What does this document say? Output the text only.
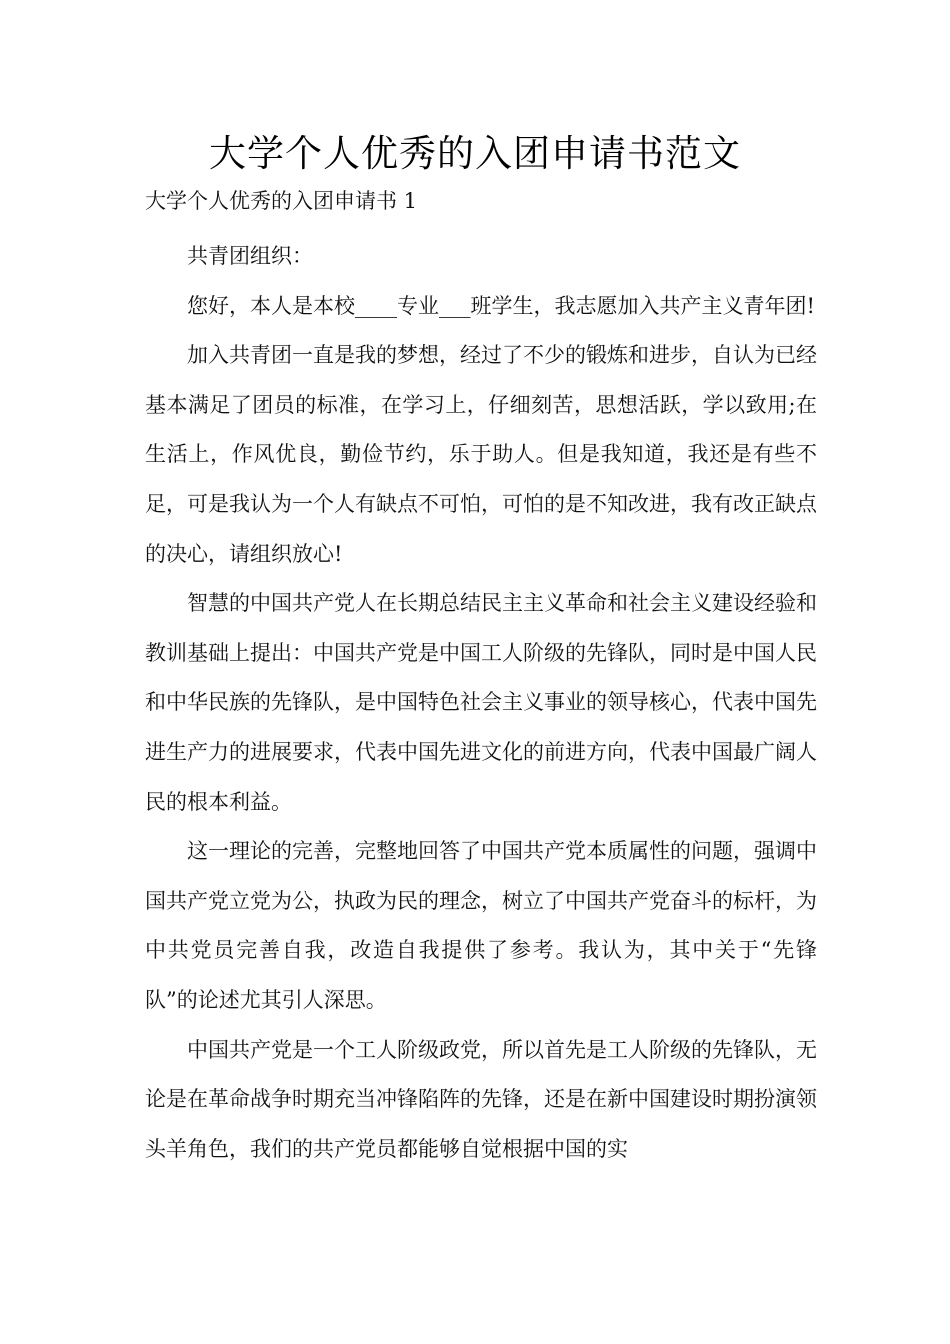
大学个人优秀的入团申请书范文

大学个人优秀的入团申请书 1

共青团组织：

您好，本人是本校____专业___班学生，我志愿加入共产主义青年团!

加入共青团一直是我的梦想，经过了不少的锻炼和进步，自认为已经基本满足了团员的标准，在学习上，仔细刻苦，思想活跃，学以致用;在生活上，作风优良，勤俭节约，乐于助人。但是我知道，我还是有些不足，可是我认为一个人有缺点不可怕，可怕的是不知改进，我有改正缺点的决心，请组织放心!

智慧的中国共产党人在长期总结民主主义革命和社会主义建设经验和教训基础上提出：中国共产党是中国工人阶级的先锋队，同时是中国人民和中华民族的先锋队，是中国特色社会主义事业的领导核心，代表中国先进生产力的进展要求，代表中国先进文化的前进方向，代表中国最广阔人民的根本利益。

这一理论的完善，完整地回答了中国共产党本质属性的问题，强调中国共产党立党为公，执政为民的理念，树立了中国共产党奋斗的标杆，为中共党员完善自我，改造自我提供了参考。我认为，其中关于“先锋队”的论述尤其引人深思。

中国共产党是一个工人阶级政党，所以首先是工人阶级的先锋队，无论是在革命战争时期充当冲锋陷阵的先锋，还是在新中国建设时期扮演领头羊角色，我们的共产党员都能够自觉根据中国的实
